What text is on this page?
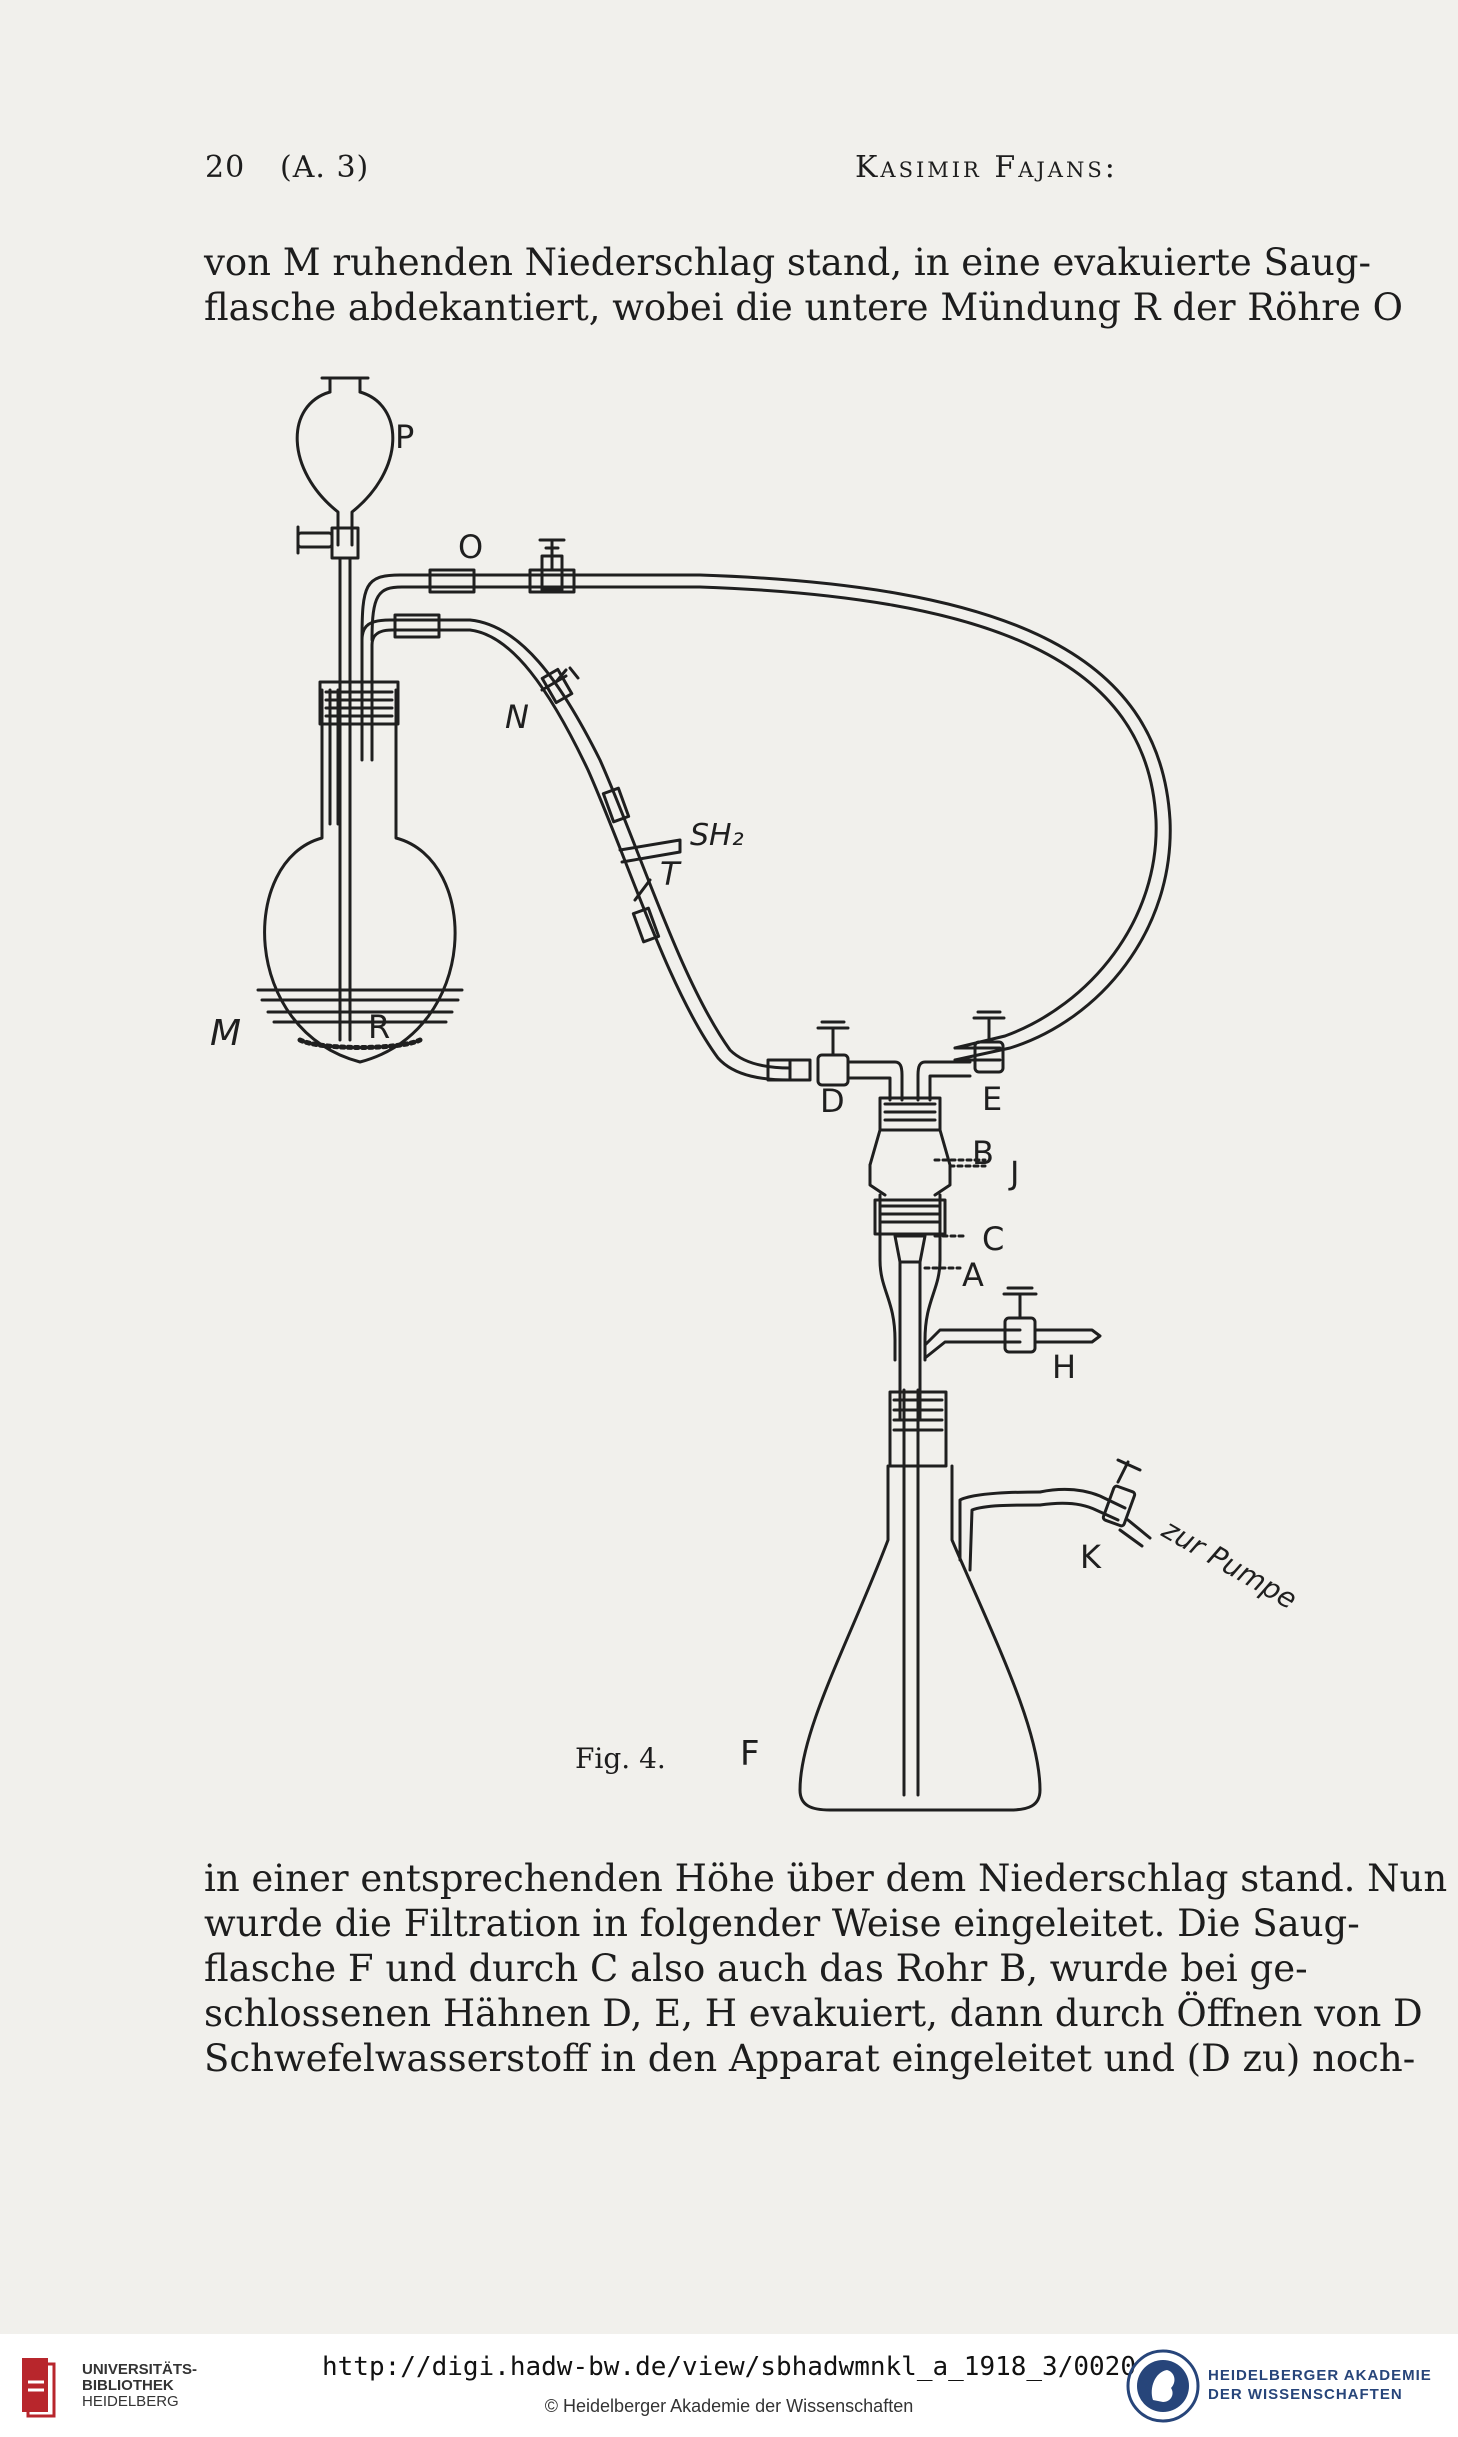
20 (A. 3)	Kasimir Fajans:
von M ruhenden Niederschlag stand, in eine evakuierte Saug-
flasche abdekantiert, wobei die untere Mündung R der Röhre O
P
O
N
SH₂
T
M	R
D	E
B
J
C
A
H
K zur Pumpe
Fig. 4. F
in einer entsprechenden Höhe über dem Niederschlag stand. Nun
wurde die Filtration in folgender Weise eingeleitet. Die Saug-
flasche F und durch C also auch das Rohr B, wurde bei ge-
schlossenen Hähnen D, E, H evakuiert, dann durch Öffnen von D
Schwefelwasserstoff in den Apparat eingeleitet und (D zu) noch-
UNIVERSITÄTS-
BIBLIOTHEK
HEIDELBERG
http://digi.hadw-bw.de/view/sbhadwmnkl_a_1918_3/0020
© Heidelberger Akademie der Wissenschaften
HEIDELBERGER AKADEMIE
DER WISSENSCHAFTEN
